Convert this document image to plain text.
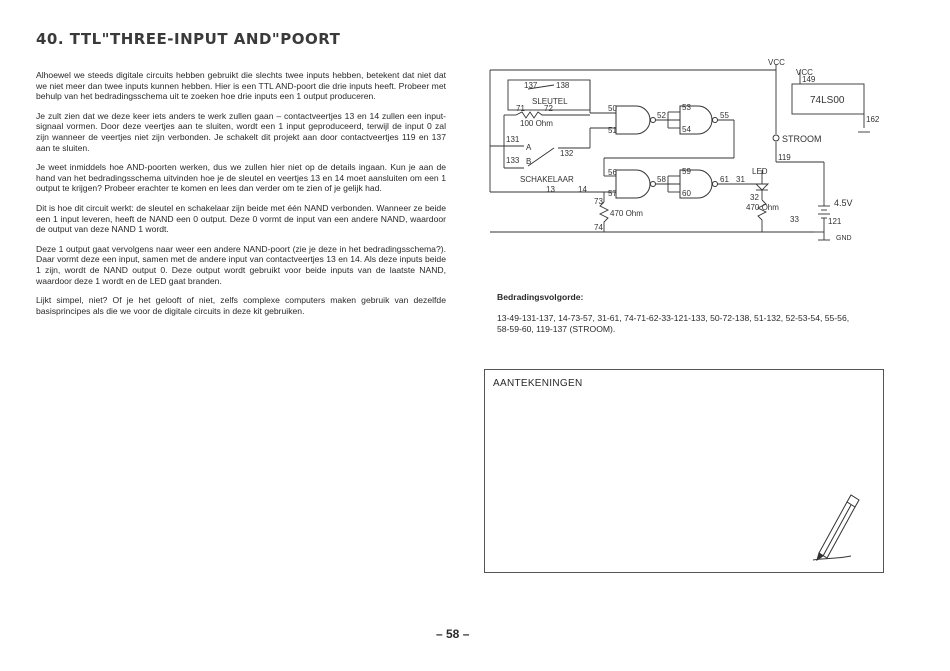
40. TTL"THREE-INPUT AND"POORT

Alhoewel we steeds digitale circuits hebben gebruikt die slechts twee inputs hebben, betekent dat niet dat we niet meer dan twee inputs kunnen hebben. Hier is een TTL AND-poort die drie inputs heeft. Probeer met behulp van het bedradingsschema uit te zoeken hoe drie inputs een 1 output produceren.

Je zult zien dat we deze keer iets anders te werk zullen gaan – contactveertjes 13 en 14 zullen een input-signaal vormen. Door deze veertjes aan te sluiten, wordt een 1 input geproduceerd, terwijl de input 0 zal zijn wanneer de veertjes niet zijn verbonden. Je schakelt dit projekt aan door contactveertjes 119 en 137 aan te sluiten.

Je weet inmiddels hoe AND-poorten werken, dus we zullen hier niet op de details ingaan. Kun je aan de hand van het bedradingsschema uitvinden hoe je de sleutel en veertjes 13 en 14 moet aansluiten om een 1 output te krijgen? Probeer erachter te komen en lees dan verder om te zien of je gelijk had.

Dit is hoe dit circuit werkt: de sleutel en schakelaar zijn beide met één NAND verbonden. Wanneer ze beide een 1 input leveren, heeft de NAND een 0 output. Deze 0 vormt de input van een andere NAND, waardoor de output van deze NAND 1 wordt.

Deze 1 output gaat vervolgens naar weer een andere NAND-poort (zie je deze in het bedradingsschema?). Daar vormt deze een input, samen met de andere input van contactveertjes 13 en 14. Als deze inputs beide 1 zijn, wordt de NAND output 0. Deze output wordt gebruikt voor beide inputs van de laatste NAND, waardoor deze 1 wordt en de LED gaat branden.

Lijkt simpel, niet? Of je het gelooft of niet, zelfs complexe computers maken gebruik van dezelfde basisprincipes als die we voor de digitale circuits in deze kit gebruiken.

VCC
VCC
149
74LS00
162
137 138
SLEUTEL
71 72
100 Ohm
131
A
133 B
132
SCHAKELAAR
13	14
73
74
470 Ohm
50
51
52
53
54
55
56
57
58
59
60
61
STROOM
119
LED
31
32
470 Ohm
33
4.5V
121
GND
Bedradingsvolgorde:
13-49-131-137, 14-73-57, 31-61, 74-71-62-33-121-133, 50-72-138, 51-132, 52-53-54, 55-56, 58-59-60, 119-137 (STROOM).
AANTEKENINGEN
– 58 –
